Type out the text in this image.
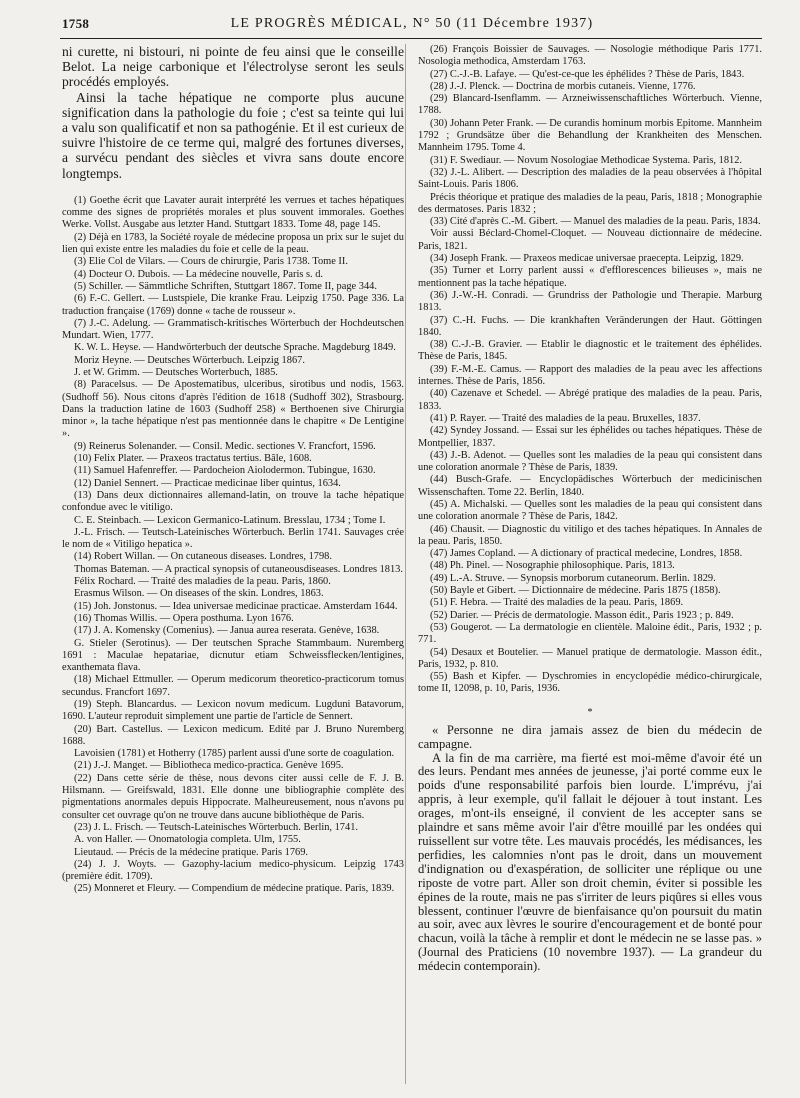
1758	LE PROGRÈS MÉDICAL, N° 50 (11 Décembre 1937)

ni curette, ni bistouri, ni pointe de feu ainsi que le conseille Belot. La neige carbonique et l'électrolyse seront les seuls procédés employés.

Ainsi la tache hépatique ne comporte plus aucune signification dans la pathologie du foie ; c'est sa teinte qui lui a valu son qualificatif et non sa pathogénie. Et il est curieux de suivre l'histoire de ce terme qui, malgré des fortunes diverses, a survécu pendant des siècles et vivra sans doute encore longtemps.

(1) Goethe écrit que Lavater aurait interprété les verrues et taches hépatiques comme des signes de propriétés morales et plus souvent immorales. Goethes Werke. Vollst. Ausgabe aus letzter Hand. Stuttgart 1833. Tome 48, page 145.

(2) Déjà en 1783, la Société royale de médecine proposa un prix sur le sujet du lien qui existe entre les maladies du foie et celle de la peau.

(3) Elie Col de Vilars. — Cours de chirurgie, Paris 1738. Tome II.

(4) Docteur O. Dubois. — La médecine nouvelle, Paris s. d.

(5) Schiller. — Sämmtliche Schriften, Stuttgart 1867. Tome II, page 344.

(6) F.-C. Gellert. — Lustspiele, Die kranke Frau. Leipzig 1750. Page 336. La traduction française (1769) donne « tache de rousseur ».

(7) J.-C. Adelung. — Grammatisch-kritisches Wörterbuch der Hochdeutschen Mundart. Wien, 1777.

K. W. L. Heyse. — Handwörterbuch der deutsche Sprache. Magdeburg 1849.

Moriz Heyne. — Deutsches Wörterbuch. Leipzig 1867.

J. et W. Grimm. — Deutsches Worterbuch, 1885.

(8) Paracelsus. — De Apostematibus, ulceribus, sirotibus und nodis, 1563. (Sudhoff 56). Nous citons d'après l'édition de 1618 (Sudhoff 302), Strasbourg. Dans la traduction latine de 1603 (Sudhoff 258) « Berthoenen sive Chirurgia minor », la tache hépatique n'est pas mentionnée dans le chapitre « De Lentigine ».

(9) Reinerus Solenander. — Consil. Medic. sectiones V. Francfort, 1596.

(10) Felix Plater. — Praxeos tractatus tertius. Bâle, 1608.

(11) Samuel Hafenreffer. — Pardocheion Aiolodermon. Tubingue, 1630.

(12) Daniel Sennert. — Practicae medicinae liber quintus, 1634.

(13) Dans deux dictionnaires allemand-latin, on trouve la tache hépatique confondue avec le vitiligo.

C. E. Steinbach. — Lexicon Germanico-Latinum. Bresslau, 1734 ; Tome I.

J.-L. Frisch. — Teutsch-Lateinisches Wörterbuch. Berlin 1741. Sauvages crée le nom de « Vitiligo hepatica ».

(14) Robert Willan. — On cutaneous diseases. Londres, 1798.

Thomas Bateman. — A practical synopsis of cutaneousdiseases. Londres 1813.

Félix Rochard. — Traité des maladies de la peau. Paris, 1860.

Erasmus Wilson. — On diseases of the skin. Londres, 1863.

(15) Joh. Jonstonus. — Idea universae medicinae practicae. Amsterdam 1644.

(16) Thomas Willis. — Opera posthuma. Lyon 1676.

(17) J. A. Komensky (Comenius). — Janua aurea reserata. Genève, 1638.

G. Stieler (Serotinus). — Der teutschen Sprache Stammbaum. Nuremberg 1691 : Maculae hepatariae, dicnutur etiam Schweissflecken/lentigines, exanthemata flava.

(18) Michael Ettmuller. — Operum medicorum theoretico-practicorum tomus secundus. Francfort 1697.

(19) Steph. Blancardus. — Lexicon novum medicum. Lugduni Batavorum, 1690. L'auteur reproduit simplement une partie de l'article de Sennert.

(20) Bart. Castellus. — Lexicon medicum. Edité par J. Bruno Nuremberg 1688.

Lavoisien (1781) et Hotherry (1785) parlent aussi d'une sorte de coagulation.

(21) J.-J. Manget. — Bibliotheca medico-practica. Genève 1695.

(22) Dans cette série de thèse, nous devons citer aussi celle de F. J. B. Hilsmann. — Greifswald, 1831. Elle donne une bibliographie complète des pigmentations anormales depuis Hippocrate. Malheureusement, nous n'avons pu consulter cet ouvrage qu'on ne trouve dans aucune bibliothèque de Paris.

(23) J. L. Frisch. — Teutsch-Lateinisches Wörterbuch. Berlin, 1741.

A. von Haller. — Onomatologia completa. Ulm, 1755.

Lieutaud. — Précis de la médecine pratique. Paris 1769.

(24) J. J. Woyts. — Gazophy-lacium medico-physicum. Leipzig 1743 (première édit. 1709).

(25) Monneret et Fleury. — Compendium de médecine pratique. Paris, 1839.

(26) François Boissier de Sauvages. — Nosologie méthodique Paris 1771. Nosologia methodica, Amsterdam 1763.

(27) C.-J.-B. Lafaye. — Qu'est-ce-que les éphélides ? Thèse de Paris, 1843.

(28) J.-J. Plenck. — Doctrina de morbis cutaneis. Vienne, 1776.

(29) Blancard-Isenflamm. — Arzneiwissenschaftliches Wörterbuch. Vienne, 1788.

(30) Johann Peter Frank. — De curandis hominum morbis Epitome. Mannheim 1792 ; Grundsätze über die Behandlung der Krankheiten des Menschen. Mannheim 1795. Tome 4.

(31) F. Swediaur. — Novum Nosologiae Methodicae Systema. Paris, 1812.

(32) J.-L. Alibert. — Description des maladies de la peau observées à l'hôpital Saint-Louis. Paris 1806.

Précis théorique et pratique des maladies de la peau, Paris, 1818 ; Monographie des dermatoses. Paris 1832 ;

(33) Cité d'après C.-M. Gibert. — Manuel des maladies de la peau. Paris, 1834.

Voir aussi Béclard-Chomel-Cloquet. — Nouveau dictionnaire de médecine. Paris, 1821.

(34) Joseph Frank. — Praxeos medicae universae praecepta. Leipzig, 1829.

(35) Turner et Lorry parlent aussi « d'efflorescences bilieuses », mais ne mentionnent pas la tache hépatique.

(36) J.-W.-H. Conradi. — Grundriss der Pathologie und Therapie. Marburg 1813.

(37) C.-H. Fuchs. — Die krankhaften Veränderungen der Haut. Göttingen 1840.

(38) C.-J.-B. Gravier. — Etablir le diagnostic et le traitement des éphélides. Thèse de Paris, 1845.

(39) F.-M.-E. Camus. — Rapport des maladies de la peau avec les affections internes. Thèse de Paris, 1856.

(40) Cazenave et Schedel. — Abrégé pratique des maladies de la peau. Paris, 1833.

(41) P. Rayer. — Traité des maladies de la peau. Bruxelles, 1837.

(42) Syndey Jossand. — Essai sur les éphélides ou taches hépatiques. Thèse de Montpellier, 1837.

(43) J.-B. Adenot. — Quelles sont les maladies de la peau qui consistent dans une coloration anormale ? Thèse de Paris, 1839.

(44) Busch-Grafe. — Encyclopädisches Wörterbuch der medicinischen Wissenschaften. Tome 22. Berlin, 1840.

(45) A. Michalski. — Quelles sont les maladies de la peau qui consistent dans une coloration anormale ? Thèse de Paris, 1842.

(46) Chausit. — Diagnostic du vitiligo et des taches hépatiques. In Annales de la peau. Paris, 1850.

(47) James Copland. — A dictionary of practical medecine, Londres, 1858.

(48) Ph. Pinel. — Nosographie philosophique. Paris, 1813.

(49) L.-A. Struve. — Synopsis morborum cutaneorum. Berlin. 1829.

(50) Bayle et Gibert. — Dictionnaire de médecine. Paris 1875 (1858).

(51) F. Hebra. — Traité des maladies de la peau. Paris, 1869.

(52) Darier. — Précis de dermatologie. Masson édit., Paris 1923 ; p. 849.

(53) Gougerot. — La dermatologie en clientèle. Maloine édit., Paris, 1932 ; p. 771.

(54) Desaux et Boutelier. — Manuel pratique de dermatologie. Masson édit., Paris, 1932, p. 810.

(55) Bash et Kipfer. — Dyschromies in encyclopédie médico-chirurgicale, tome II, 12098, p. 10, Paris, 1936.

*

« Personne ne dira jamais assez de bien du médecin de campagne.

A la fin de ma carrière, ma fierté est moi-même d'avoir été un des leurs. Pendant mes années de jeunesse, j'ai porté comme eux le poids d'une responsabilité parfois bien lourde. L'imprévu, j'ai appris, à leur exemple, qu'il fallait le déjouer à tout instant. Les orages, m'ont-ils enseigné, il convient de les accepter sans se plaindre et sans même avoir l'air d'être mouillé par les ondées qui ruissellent sur votre tête. Les mauvais procédés, les médisances, les perfidies, les calomnies n'ont pas le droit, dans un mouvement d'indignation ou d'exaspération, de solliciter une réplique ou une riposte de votre part. Aller son droit chemin, éviter si possible les épines de la route, mais ne pas s'irriter de leurs piqûres si elles vous blessent, continuer l'œuvre de bienfaisance qu'on poursuit du matin au soir, avec aux lèvres le sourire d'encouragement et de bonté pour chacun, voilà la tâche à remplir et dont le médecin ne se lasse pas. » (Journal des Praticiens (10 novembre 1937). — La grandeur du médecin contemporain).
